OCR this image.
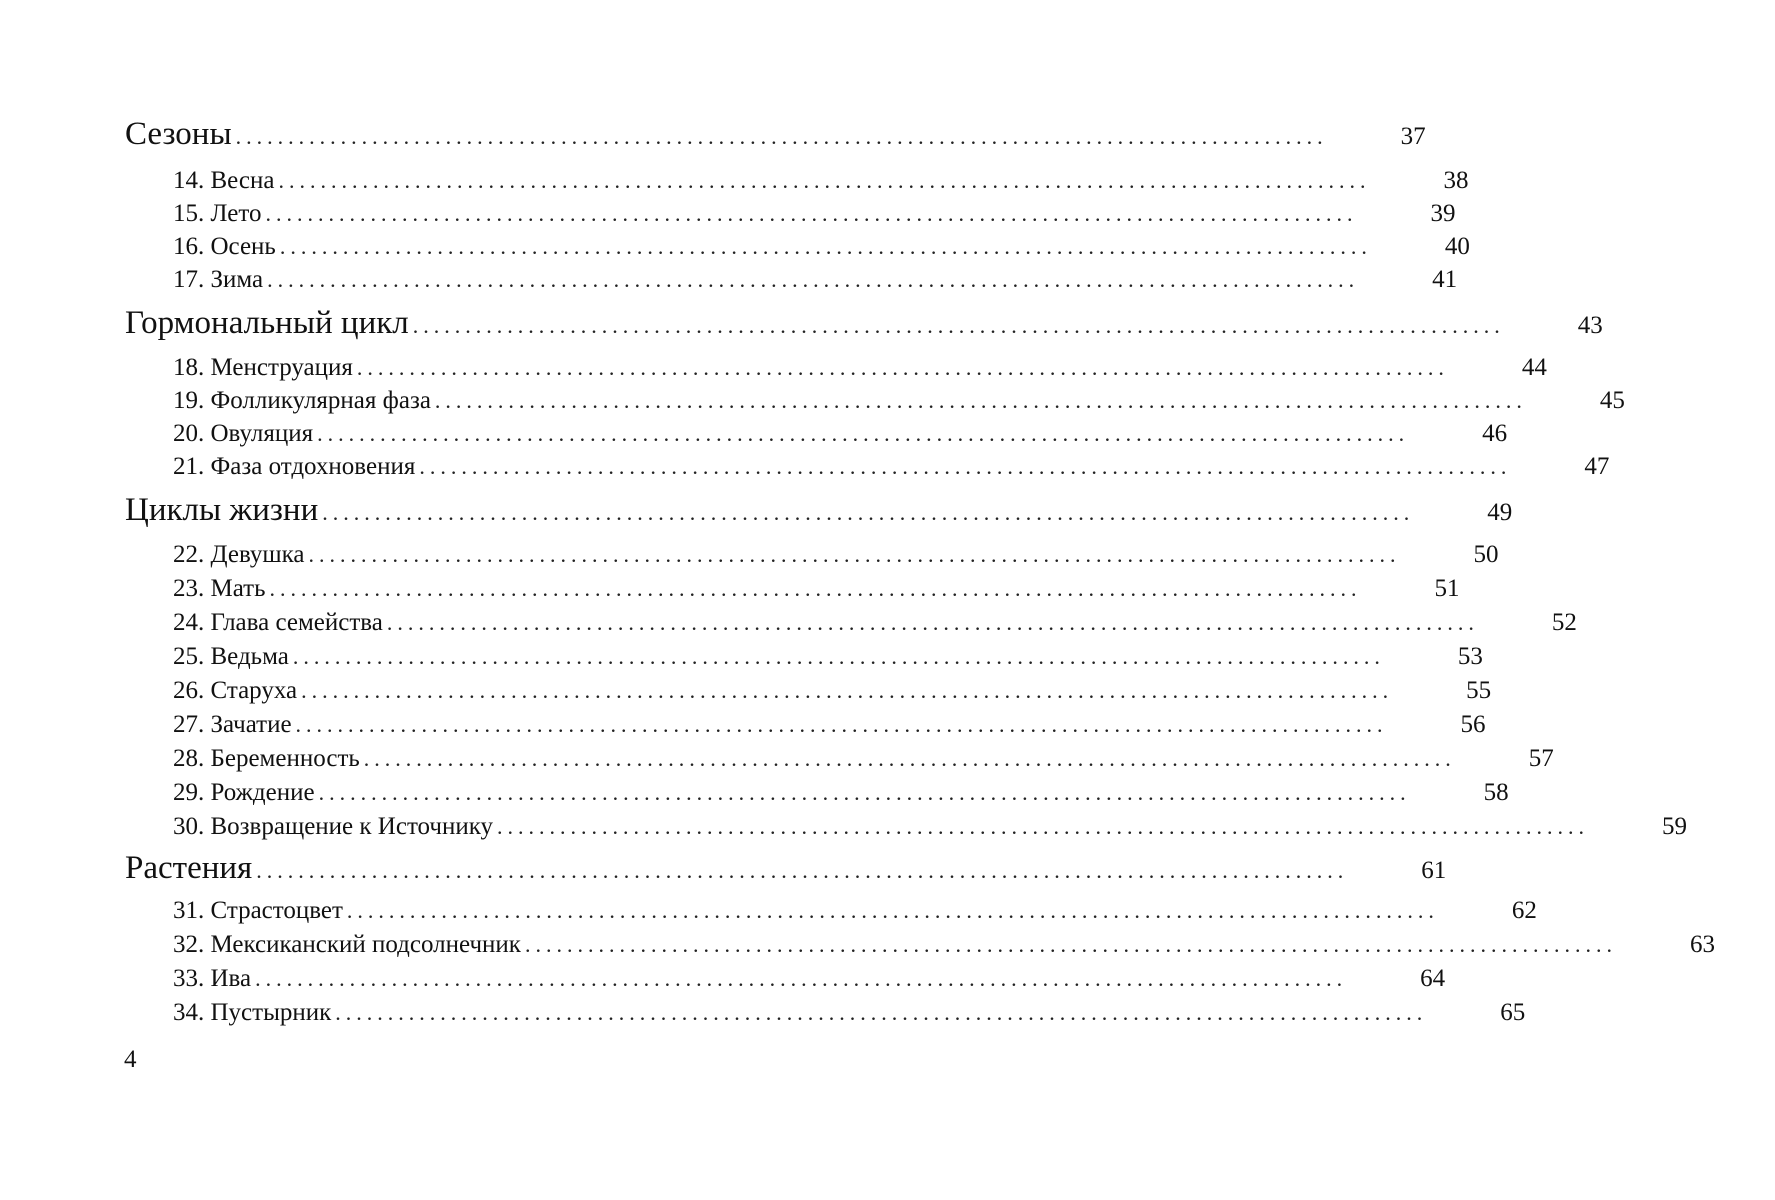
Сезоны ........................................................................................................	37
14. Весна ........................................................................................................	38
15. Лето ........................................................................................................	39
16. Осень ........................................................................................................	40
17. Зима ........................................................................................................	41
Гормональный цикл ........................................................................................................	43
18. Менструация ........................................................................................................	44
19. Фолликулярная фаза ........................................................................................................	45
20. Овуляция ........................................................................................................	46
21. Фаза отдохновения ........................................................................................................	47
Циклы жизни ........................................................................................................	49
22. Девушка ........................................................................................................	50
23. Мать ........................................................................................................	51
24. Глава семейства ........................................................................................................	52
25. Ведьма ........................................................................................................	53
26. Старуха ........................................................................................................	55
27. Зачатие ........................................................................................................	56
28. Беременность ........................................................................................................	57
29. Рождение ........................................................................................................	58
30. Возвращение к Источнику ........................................................................................................	59
Растения ........................................................................................................	61
31. Страстоцвет ........................................................................................................	62
32. Мексиканский подсолнечник ........................................................................................................	63
33. Ива ........................................................................................................	64
34. Пустырник ........................................................................................................	65
4
